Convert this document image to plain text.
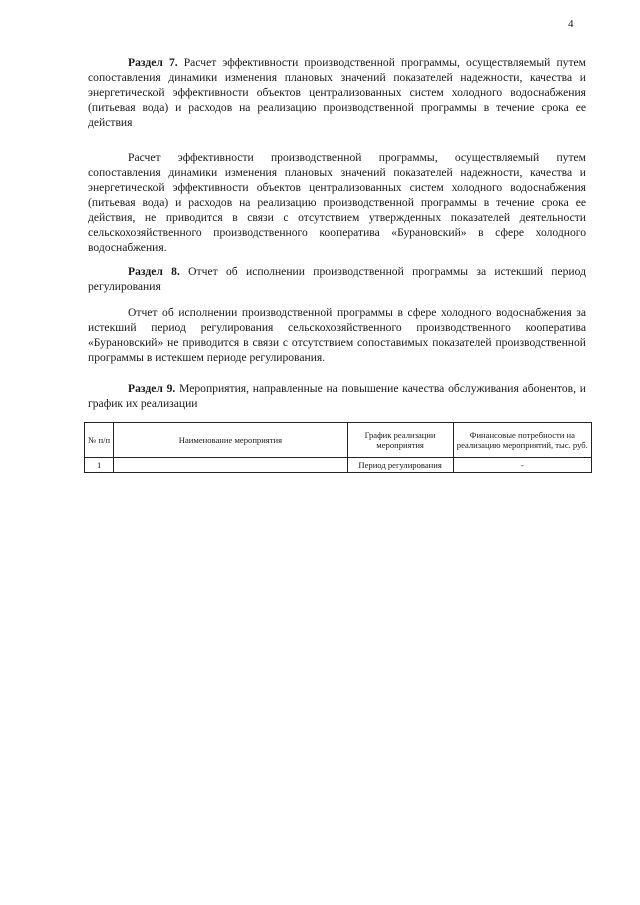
4

Раздел 7. Расчет эффективности производственной программы, осуществляемый путем сопоставления динамики изменения плановых значений показателей надежности, качества и энергетической эффективности объектов централизованных систем холодного водоснабжения (питьевая вода) и расходов на реализацию производственной программы в течение срока ее действия

Расчет эффективности производственной программы, осуществляемый путем сопоставления динамики изменения плановых значений показателей надежности, качества и энергетической эффективности объектов централизованных систем холодного водоснабжения (питьевая вода) и расходов на реализацию производственной программы в течение срока ее действия, не приводится в связи с отсутствием утвержденных показателей деятельности сельскохозяйственного производственного кооператива «Бурановский» в сфере холодного водоснабжения.

Раздел 8. Отчет об исполнении производственной программы за истекший период регулирования

Отчет об исполнении производственной программы в сфере холодного водоснабжения за истекший период регулирования сельскохозяйственного производственного кооператива «Бурановский» не приводится в связи с отсутствием сопоставимых показателей производственной программы в истекшем периоде регулирования.

Раздел 9. Мероприятия, направленные на повышение качества обслуживания абонентов, и график их реализации

№ п/п	Наименование мероприятия	График реализации мероприятия	Финансовые потребности на реализацию мероприятий, тыс. руб.
1		Период регулирования	-
